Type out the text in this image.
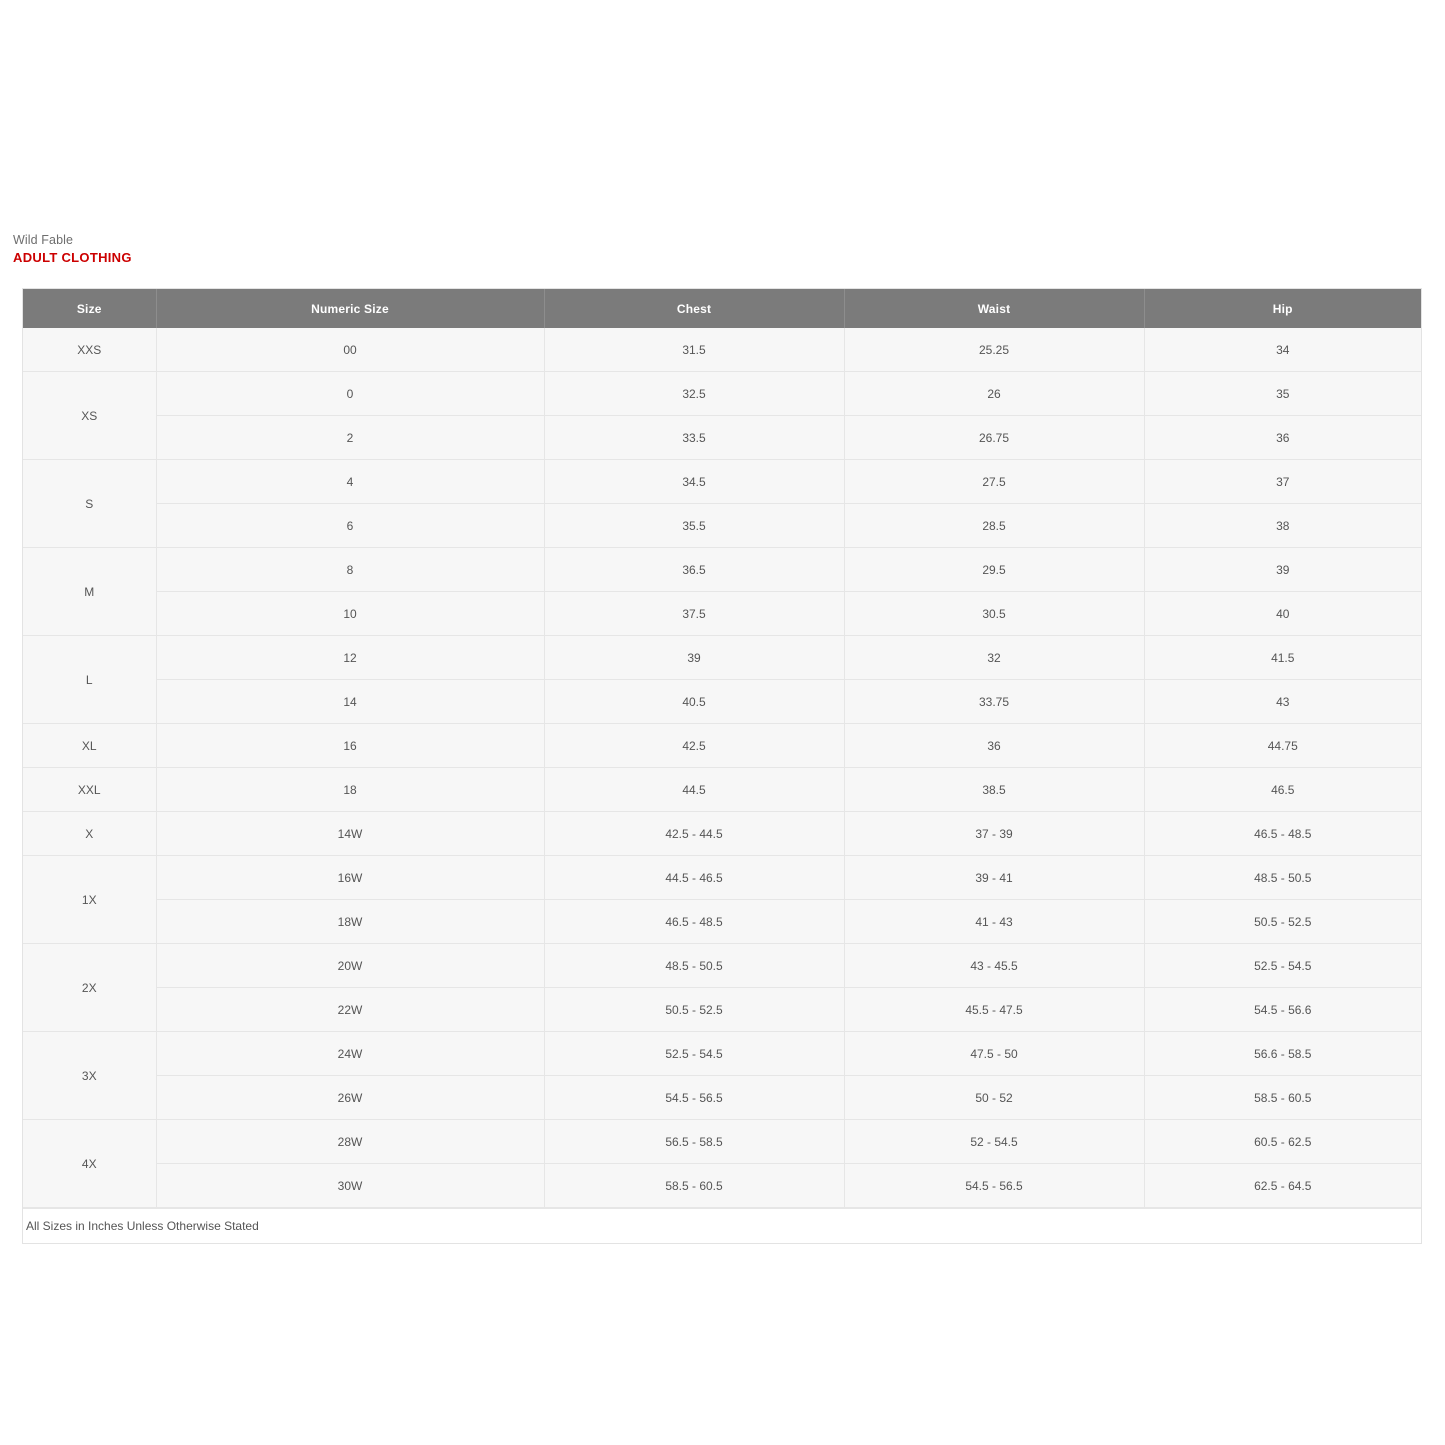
Wild Fable
ADULT CLOTHING
Size	Numeric Size	Chest	Waist	Hip
XXS	00	31.5	25.25	34
XS	0	32.5	26	35
	2	33.5	26.75	36
S	4	34.5	27.5	37
	6	35.5	28.5	38
M	8	36.5	29.5	39
	10	37.5	30.5	40
L	12	39	32	41.5
	14	40.5	33.75	43
XL	16	42.5	36	44.75
XXL	18	44.5	38.5	46.5
X	14W	42.5 - 44.5	37 - 39	46.5 - 48.5
1X	16W	44.5 - 46.5	39 - 41	48.5 - 50.5
	18W	46.5 - 48.5	41 - 43	50.5 - 52.5
2X	20W	48.5 - 50.5	43 - 45.5	52.5 - 54.5
	22W	50.5 - 52.5	45.5 - 47.5	54.5 - 56.6
3X	24W	52.5 - 54.5	47.5 - 50	56.6 - 58.5
	26W	54.5 - 56.5	50 - 52	58.5 - 60.5
4X	28W	56.5 - 58.5	52 - 54.5	60.5 - 62.5
	30W	58.5 - 60.5	54.5 - 56.5	62.5 - 64.5
All Sizes in Inches Unless Otherwise Stated
